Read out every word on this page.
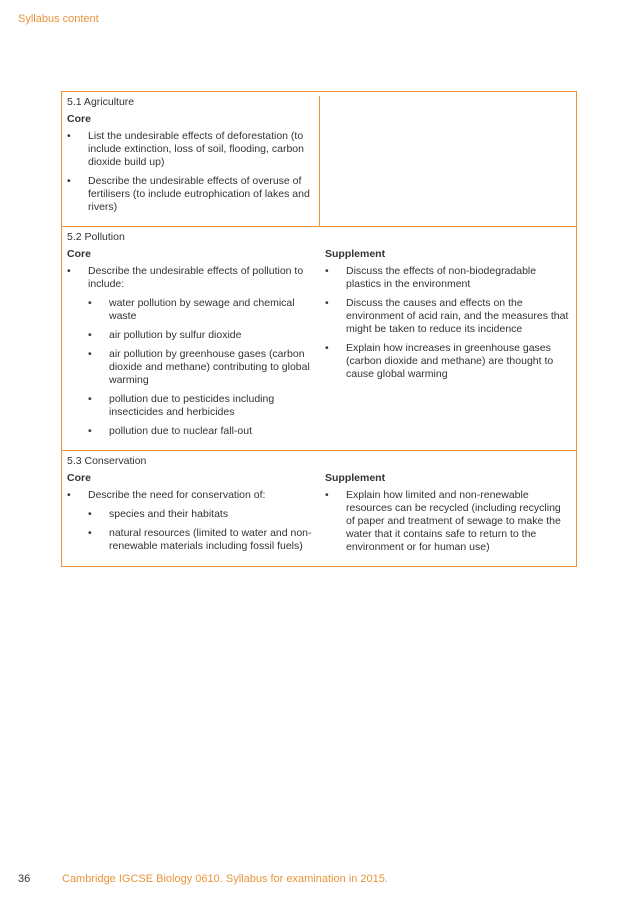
Syllabus content
5.1 Agriculture
Core
• List the undesirable effects of deforestation (to include extinction, loss of soil, flooding, carbon dioxide build up)
• Describe the undesirable effects of overuse of fertilisers (to include eutrophication of lakes and rivers)
5.2 Pollution
Core
• Describe the undesirable effects of pollution to include:
• water pollution by sewage and chemical waste
• air pollution by sulfur dioxide
• air pollution by greenhouse gases (carbon dioxide and methane) contributing to global warming
• pollution due to pesticides including insecticides and herbicides
• pollution due to nuclear fall-out
Supplement
• Discuss the effects of non-biodegradable plastics in the environment
• Discuss the causes and effects on the environment of acid rain, and the measures that might be taken to reduce its incidence
• Explain how increases in greenhouse gases (carbon dioxide and methane) are thought to cause global warming
5.3 Conservation
Core
• Describe the need for conservation of:
• species and their habitats
• natural resources (limited to water and non-renewable materials including fossil fuels)
Supplement
• Explain how limited and non-renewable resources can be recycled (including recycling of paper and treatment of sewage to make the water that it contains safe to return to the environment or for human use)
36	Cambridge IGCSE Biology 0610. Syllabus for examination in 2015.
